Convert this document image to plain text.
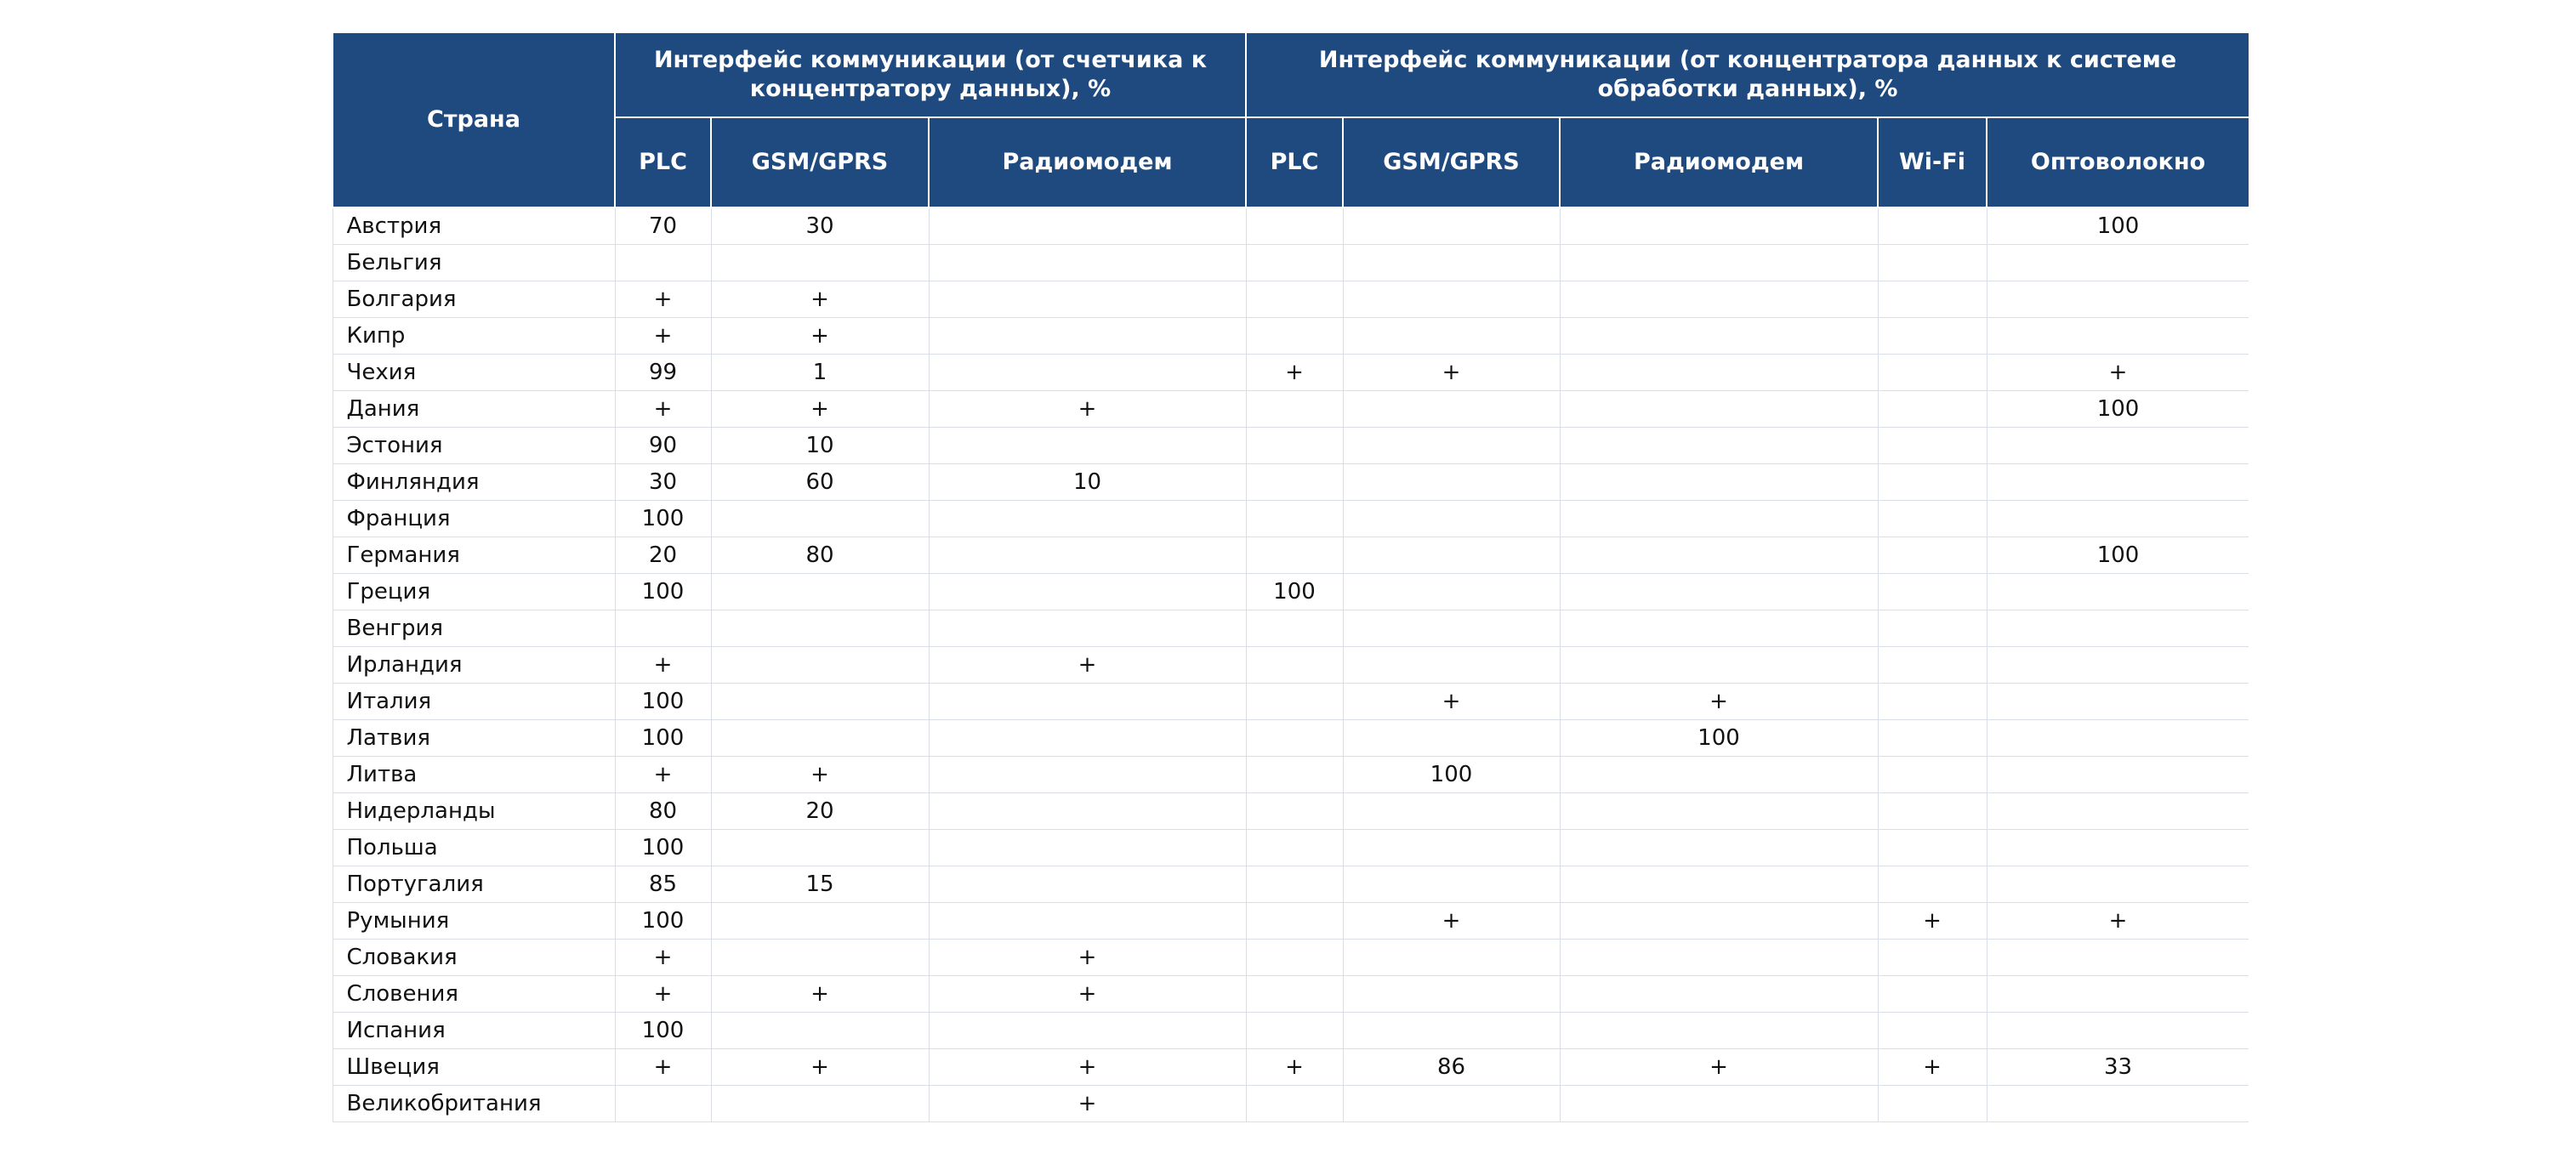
Страна	Интерфейс коммуникации (от счетчика к концентратору данных), %			Интерфейс коммуникации (от концентратора данных к системе обработки данных), %				
	PLC	GSM/GPRS	Радиомодем	PLC	GSM/GPRS	Радиомодем	Wi-Fi	Оптоволокно
Австрия	70	30						100
Бельгия								
Болгария	+	+						
Кипр	+	+						
Чехия	99	1		+	+			+
Дания	+	+	+					100
Эстония	90	10						
Финляндия	30	60	10					
Франция	100							
Германия	20	80						100
Греция	100			100				
Венгрия								
Ирландия	+		+					
Италия	100				+	+		
Латвия	100					100		
Литва	+	+			100			
Нидерланды	80	20						
Польша	100							
Португалия	85	15						
Румыния	100				+		+	+
Словакия	+		+					
Словения	+	+	+					
Испания	100							
Швеция	+	+	+	+	86	+	+	33
Великобритания			+					
